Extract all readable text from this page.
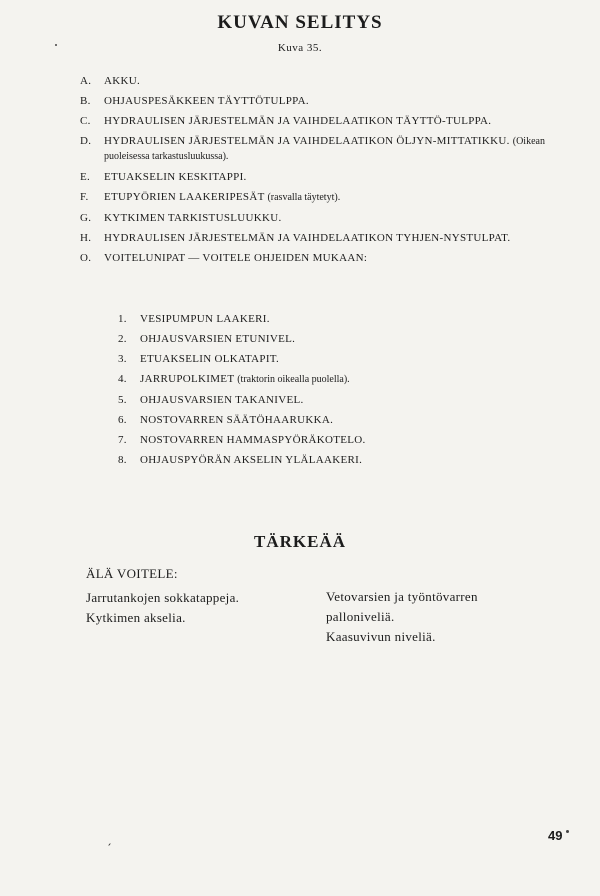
KUVAN SELITYS
Kuva 35.
A.	AKKU.
B.	OHJAUSPESÄKKEEN TÄYTTÖTULPPA.
C.	HYDRAULISEN JÄRJESTELMÄN JA VAIHDELAATIKON TÄYTTÖ-TULPPA.
D.	HYDRAULISEN JÄRJESTELMÄN JA VAIHDELAATIKON ÖLJYN-MITTATIKKU. (Oikean puoleisessa tarkastusluukussa).
E.	ETUAKSELIN KESKITAPPI.
F.	ETUPYÖRIEN LAAKERIPESÄT (rasvalla täytetyt).
G.	KYTKIMEN TARKISTUSLUUKKU.
H.	HYDRAULISEN JÄRJESTELMÄN JA VAIHDELAATIKON TYHJEN-NYSTULPAT.
O.	VOITELUNIPAT — VOITELE OHJEIDEN MUKAAN:
1.	VESIPUMPUN LAAKERI.
2.	OHJAUSVARSIEN ETUNIVEL.
3.	ETUAKSELIN OLKATAPIT.
4.	JARRUPOLKIMET (traktorin oikealla puolella).
5.	OHJAUSVARSIEN TAKANIVEL.
6.	NOSTOVARREN SÄÄTÖHAARUKKA.
7.	NOSTOVARREN HAMMASPYÖRÄKOTELO.
8.	OHJAUSPYÖRÄN AKSELIN YLÄLAAKERI.
TÄRKEÄÄ
ÄLÄ VOITELE:
Jarrutankojen sokkatappeja.
Kytkimen akselia.
Vetovarsien ja työntövarren
palloniveliä.
Kaasuvivun niveliä.
49
